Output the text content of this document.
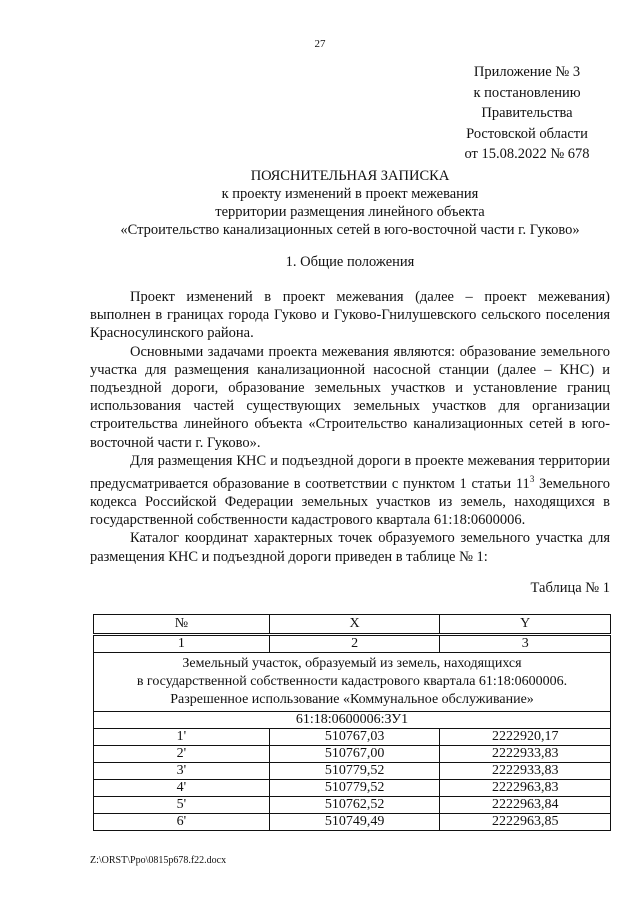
27
Приложение № 3
к постановлению
Правительства
Ростовской области
от 15.08.2022 № 678
ПОЯСНИТЕЛЬНАЯ ЗАПИСКА
к проекту изменений в проект межевания
территории размещения линейного объекта
«Строительство канализационных сетей в юго-восточной части г. Гуково»
1. Общие положения

Проект изменений в проект межевания (далее – проект межевания) выполнен в границах города Гуково и Гуково-Гнилушевского сельского поселения Красносулинского района.

Основными задачами проекта межевания являются: образование земельного участка для размещения канализационной насосной станции (далее – КНС) и подъездной дороги, образование земельных участков и установление границ использования частей существующих земельных участков для организации строительства линейного объекта «Строительство канализационных сетей в юго-восточной части г. Гуково».

Для размещения КНС и подъездной дороги в проекте межевания территории предусматривается образование в соответствии с пунктом 1 статьи $11^3$ Земельного кодекса Российской Федерации земельных участков из земель, находящихся в государственной собственности кадастрового квартала 61:18:0600006.

Каталог координат характерных точек образуемого земельного участка для размещения КНС и подъездной дороги приведен в таблице № 1:

Таблица № 1
№	X	Y
1	2	3

Земельный участок, образуемый из земель, находящихся
в государственной собственности кадастрового квартала 61:18:0600006.
Разрешенное использование «Коммунальное обслуживание»		

61:18:0600006:ЗУ1		
1'	510767,03	2222920,17
2'	510767,00	2222933,83
3'	510779,52	2222933,83
4'	510779,52	2222963,83
5'	510762,52	2222963,84
6'	510749,49	2222963,85
Z:\ORST\Ppo\0815p678.f22.docx
